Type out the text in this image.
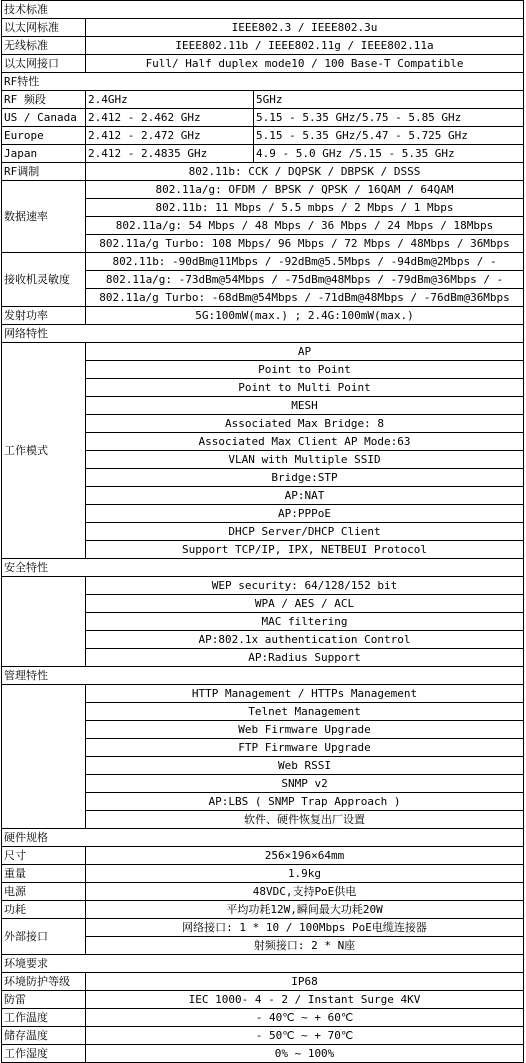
技术标准		
以太网标准	IEEE802.3 / IEEE802.3u	
无线标准	IEEE802.11b / IEEE802.11g / IEEE802.11a	
以太网接口	Full/ Half duplex mode10 / 100 Base-T Compatible	
RF特性		
RF 频段	2.4GHz	5GHz
US / Canada	2.412 - 2.462 GHz	5.15 - 5.35 GHz/5.75 - 5.85 GHz
Europe	2.412 - 2.472 GHz	5.15 - 5.35 GHz/5.47 - 5.725 GHz
Japan	2.412 - 2.4835 GHz	4.9 - 5.0 GHz /5.15 - 5.35 GHz
RF调制	802.11b: CCK / DQPSK / DBPSK / DSSS	
数据速率	802.11a/g: OFDM / BPSK / QPSK / 16QAM / 64QAM	
	802.11b: 11 Mbps / 5.5 mbps / 2 Mbps / 1 Mbps	
	802.11a/g: 54 Mbps / 48 Mbps / 36 Mbps / 24 Mbps / 18Mbps	
	802.11a/g Turbo: 108 Mbps/ 96 Mbps / 72 Mbps / 48Mbps / 36Mbps	
接收机灵敏度	802.11b: -90dBm@11Mbps / -92dBm@5.5Mbps / -94dBm@2Mbps / -	
	802.11a/g: -73dBm@54Mbps / -75dBm@48Mbps / -79dBm@36Mbps / -	
	802.11a/g Turbo: -68dBm@54Mbps / -71dBm@48Mbps / -76dBm@36Mbps	
发射功率	5G:100mW(max.) ; 2.4G:100mW(max.)	
网络特性		
工作模式	AP	
	Point to Point	
	Point to Multi Point	
	MESH	
	Associated Max Bridge: 8	
	Associated Max Client AP Mode:63	
	VLAN with Multiple SSID	
	Bridge:STP	
	AP:NAT	
	AP:PPPoE	
	DHCP Server/DHCP Client	
	Support TCP/IP, IPX, NETBEUI Protocol	
安全特性		
	WEP security: 64/128/152 bit	
	WPA / AES / ACL	
	MAC filtering	
	AP:802.1x authentication Control	
	AP:Radius Support	
管理特性		
	HTTP Management / HTTPs Management	
	Telnet Management	
	Web Firmware Upgrade	
	FTP Firmware Upgrade	
	Web RSSI	
	SNMP v2	
	AP:LBS ( SNMP Trap Approach )	
	软件、硬件恢复出厂设置	
硬件规格		
尺寸	256×196×64mm	
重量	1.9kg	
电源	48VDC,支持PoE供电	
功耗	平均功耗12W,瞬间最大功耗20W	
外部接口	网络接口: 1 * 10 / 100Mbps PoE电缆连接器	
	射频接口: 2 * N座	
环境要求		
环境防护等级	IP68	
防雷	IEC 1000- 4 - 2 / Instant Surge 4KV	
工作温度	- 40℃ ~ + 60℃	
储存温度	- 50℃ ~ + 70℃	
工作湿度	0% ~ 100%	
